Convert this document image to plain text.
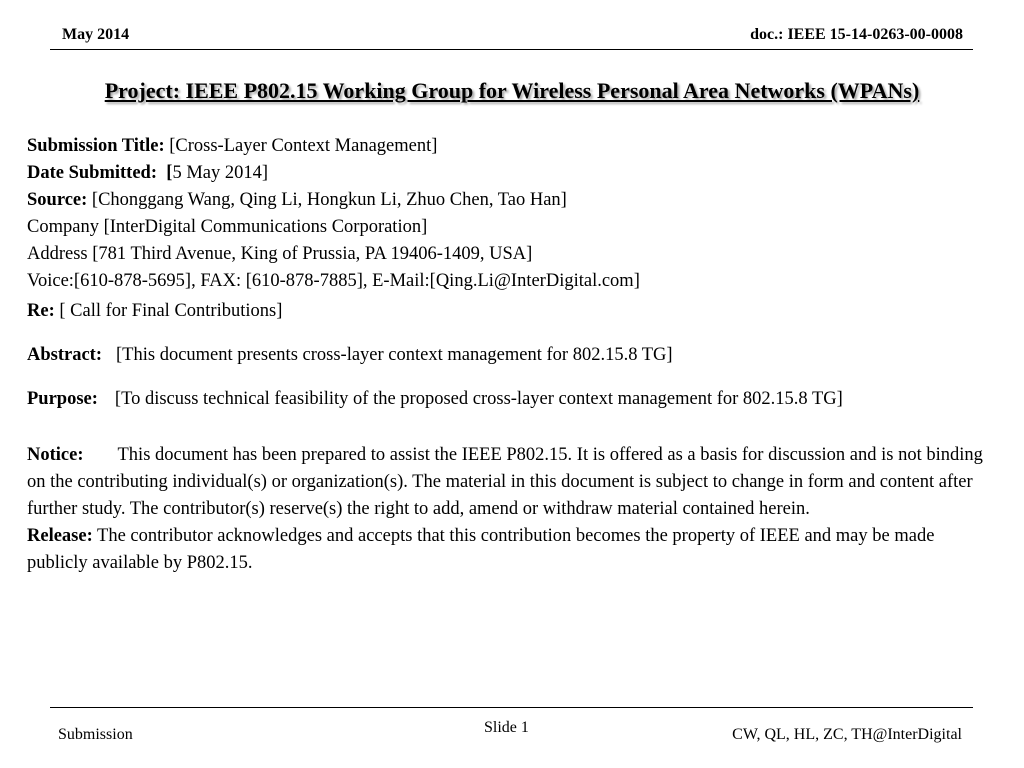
May 2014	doc.: IEEE 15-14-0263-00-0008
Project: IEEE P802.15 Working Group for Wireless Personal Area Networks (WPANs)
Submission Title: [Cross-Layer Context Management]
Date Submitted: [5 May 2014]
Source: [Chonggang Wang, Qing Li, Hongkun Li, Zhuo Chen, Tao Han]
Company [InterDigital Communications Corporation]
Address [781 Third Avenue, King of Prussia, PA 19406-1409, USA]
Voice:[610-878-5695], FAX: [610-878-7885], E-Mail:[Qing.Li@InterDigital.com]
Re: [ Call for Final Contributions]
Abstract: [This document presents cross-layer context management for 802.15.8 TG]
Purpose: [To discuss technical feasibility of the proposed cross-layer context management for 802.15.8 TG]
Notice: This document has been prepared to assist the IEEE P802.15. It is offered as a basis for discussion and is not binding on the contributing individual(s) or organization(s). The material in this document is subject to change in form and content after further study. The contributor(s) reserve(s) the right to add, amend or withdraw material contained herein.
Release: The contributor acknowledges and accepts that this contribution becomes the property of IEEE and may be made publicly available by P802.15.
Submission	Slide 1	CW, QL, HL, ZC, TH@InterDigital
